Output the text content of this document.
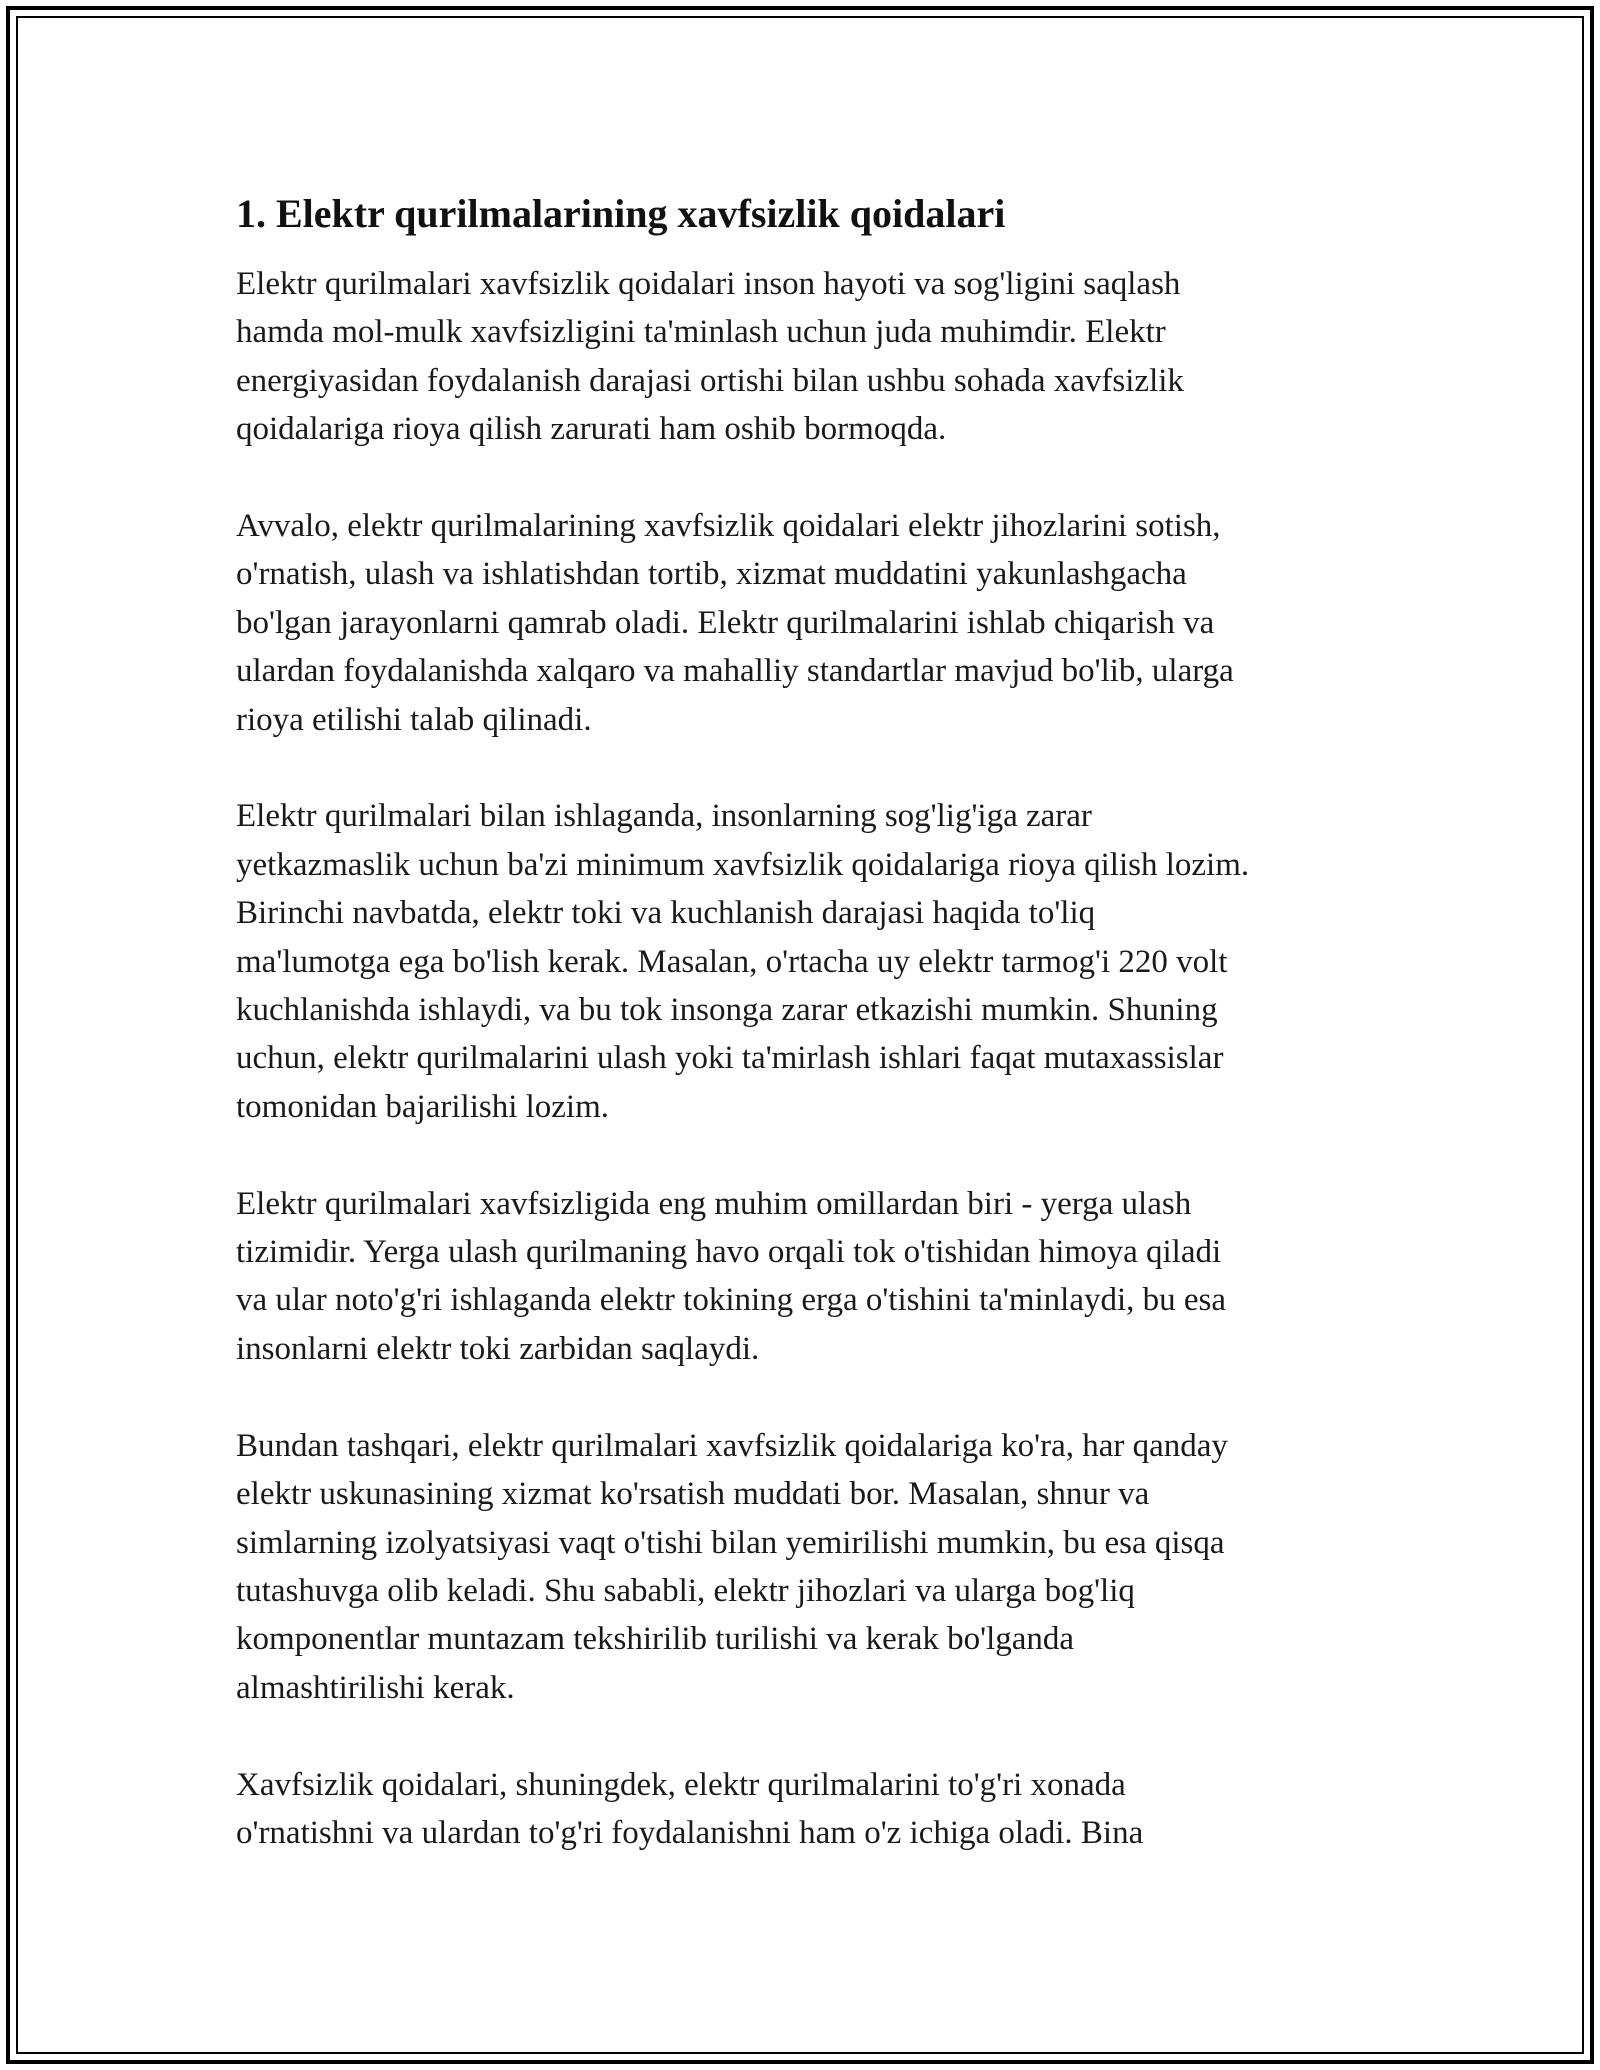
1. Elektr qurilmalarining xavfsizlik qoidalari

Elektr qurilmalari xavfsizlik qoidalari inson hayoti va sog'ligini saqlash
hamda mol-mulk xavfsizligini ta'minlash uchun juda muhimdir. Elektr
energiyasidan foydalanish darajasi ortishi bilan ushbu sohada xavfsizlik
qoidalariga rioya qilish zarurati ham oshib bormoqda.

Avvalo, elektr qurilmalarining xavfsizlik qoidalari elektr jihozlarini sotish,
o'rnatish, ulash va ishlatishdan tortib, xizmat muddatini yakunlashgacha
bo'lgan jarayonlarni qamrab oladi. Elektr qurilmalarini ishlab chiqarish va
ulardan foydalanishda xalqaro va mahalliy standartlar mavjud bo'lib, ularga
rioya etilishi talab qilinadi.

Elektr qurilmalari bilan ishlaganda, insonlarning sog'lig'iga zarar
yetkazmaslik uchun ba'zi minimum xavfsizlik qoidalariga rioya qilish lozim.
Birinchi navbatda, elektr toki va kuchlanish darajasi haqida to'liq
ma'lumotga ega bo'lish kerak. Masalan, o'rtacha uy elektr tarmog'i 220 volt
kuchlanishda ishlaydi, va bu tok insonga zarar etkazishi mumkin. Shuning
uchun, elektr qurilmalarini ulash yoki ta'mirlash ishlari faqat mutaxassislar
tomonidan bajarilishi lozim.

Elektr qurilmalari xavfsizligida eng muhim omillardan biri - yerga ulash
tizimidir. Yerga ulash qurilmaning havo orqali tok o'tishidan himoya qiladi
va ular noto'g'ri ishlaganda elektr tokining erga o'tishini ta'minlaydi, bu esa
insonlarni elektr toki zarbidan saqlaydi.

Bundan tashqari, elektr qurilmalari xavfsizlik qoidalariga ko'ra, har qanday
elektr uskunasining xizmat ko'rsatish muddati bor. Masalan, shnur va
simlarning izolyatsiyasi vaqt o'tishi bilan yemirilishi mumkin, bu esa qisqa
tutashuvga olib keladi. Shu sababli, elektr jihozlari va ularga bog'liq
komponentlar muntazam tekshirilib turilishi va kerak bo'lganda
almashtirilishi kerak.

Xavfsizlik qoidalari, shuningdek, elektr qurilmalarini to'g'ri xonada
o'rnatishni va ulardan to'g'ri foydalanishni ham o'z ichiga oladi. Bina
